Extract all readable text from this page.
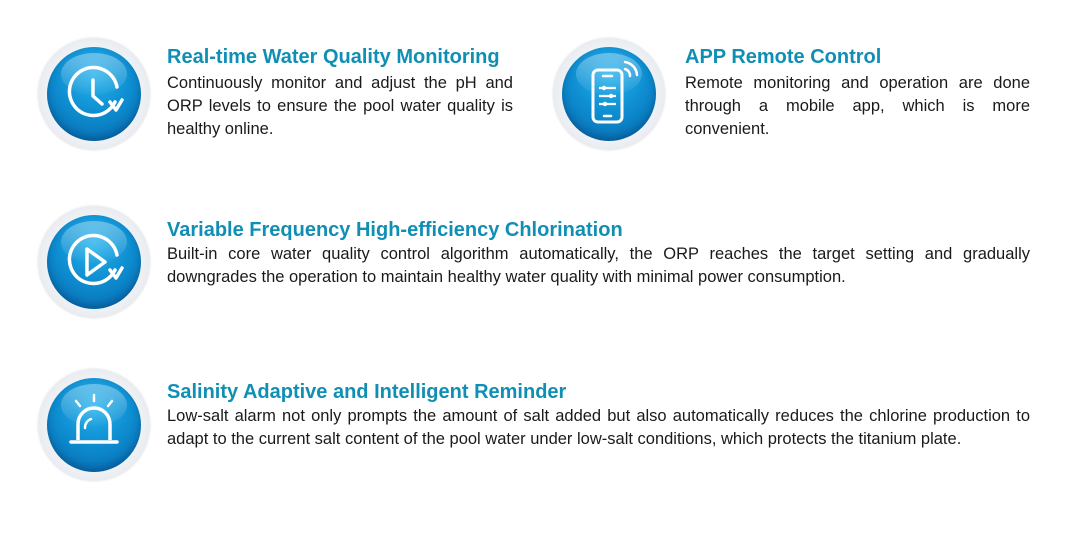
Real-time Water Quality Monitoring

Continuously monitor and adjust the pH and ORP levels to ensure the pool water quality is healthy online.

APP Remote Control

Remote monitoring and operation are done through a mobile app, which is more convenient.

Variable Frequency High-efficiency Chlorination

Built-in core water quality control algorithm automatically, the ORP reaches the target setting and gradually downgrades the operation to maintain healthy water quality with minimal power consumption.

Salinity Adaptive and Intelligent Reminder

Low-salt alarm not only prompts the amount of salt added but also automatically reduces the chlorine production to adapt to the current salt content of the pool water under low-salt conditions, which protects the titanium plate.
